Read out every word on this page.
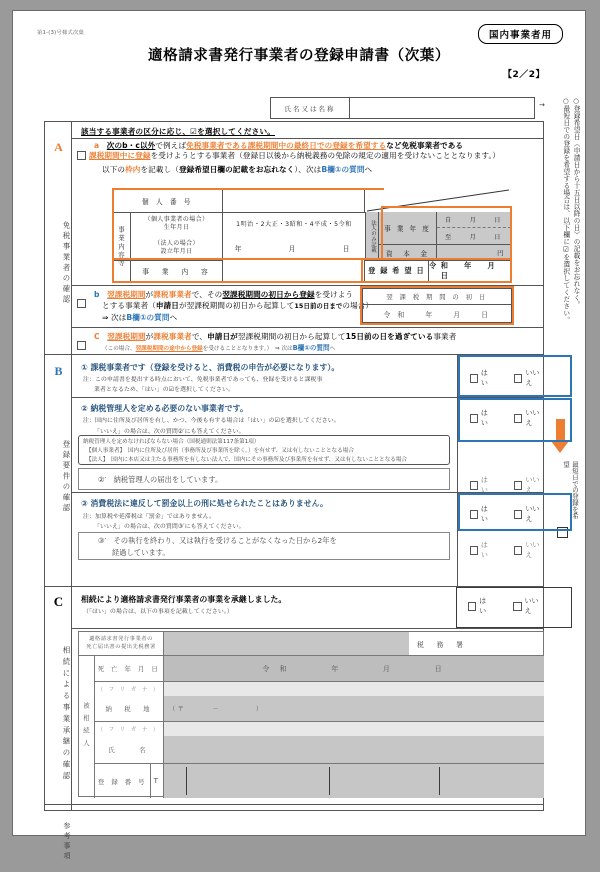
第1-(3)号様式次葉	国内事業者用
適格請求書発行事業者の登録申請書（次葉）
【2／2】
氏名又は名称	→	○登録希望日（申請日から十五日以降の日）の記載をお忘れなく。
○最短日での登録を希望する場合は、以下欄に☑を選択してください。
最短日での登録を希望
A
免税事業者の確認
該当する事業者の区分に応じ、☑を選択してください。
a 次のb・c以外で例えば免税事業者である課税期間中の最終日での登録を希望するなど免税事業者である
課税期間中に登録を受けようとする事業者（登録日以後から納税義務の免除の規定の適用を受けないこととなります。）
以下の枠内を記載し（登録希望日欄の記載をお忘れなく）、次はB欄①の質問へ
個 人 番 号
事業内容等
（個人事業者の場合）
生年月日
（法人の場合）
設立年月日
1明治・2大正・3昭和・4平成・5令和
年　　　　月　　　　日	法人のみ記載	事 業 年 度
自	月	日
至	月	日
資　本　金	円
事　業　内　容	登 録 希 望 日
令 和 　 年 　 月 　 日
b 翌課税期間が課税事業者で、その翌課税期間の初日から登録を受けよう
とする事業者（申請日が翌課税期間の初日から起算して15日前の日までの場合）
⇒ 次はB欄①の質問へ
翌 課 税 期 間 の 初 日
令 和 　 年 　 月 　 日
C 翌課税期間が課税事業者で、申請日が翌課税期間の初日から起算して15日前の日を過ぎている事業者
（この場合、翌課税期間の途中から登録を受けることとなります。）　⇒ 次はB欄①の質問へ
B
登録要件の確認
① 課税事業者です（登録を受けると、消費税の申告が必要になります）。
注：この申請書を提出する時点において、免税事業者であっても、登録を受けると課税事
業者となるため、「はい」の☑を選択してください。
はい
いいえ
② 納税管理人を定める必要のない事業者です。
注：国内に住所及び居所を有し、かつ、今後も有する場合は「はい」の☑を選択してください。
「いいえ」の場合は、次の質問②′にも答えてください。
はい
いいえ
納税管理人を定めなければならない場合（国税通則法第117条第1項）
【個人事業者】　国内に住所及び居所（事務所及び事業所を除く。）を有せず、又は有しないこととなる場合
【法人】　国内に本店又は主たる事務所を有しない法人で、国内にその事務所及び事業所を有せず、又は有しないこととなる場合
②′　 納税管理人の届出をしています。	はい
いいえ
③ 消費税法に違反して罰金以上の刑に処せられたことはありません。
注：加算税や延滞税は「罰金」ではありません。
「いいえ」の場合は、次の質問③′にも答えてください。
はい
いいえ
③′　 その執行を終わり、又は執行を受けることがなくなった日から2年を
経過しています。
はい
いいえ
C
相続による事業承継の確認
相続により適格請求書発行事業者の事業を承継しました。
（「はい」の場合は、以下の事項を記載してください。）
はい
いいえ
適格請求書発行事業者の
死亡届出書の提出先税務署	税　務　署
被相続人
死 亡 年 月 日	令 和 　 　 年 　 　 月 　 　 日
（ フ リ ガ ナ ）
納　税　地	（〒　　　－　　　　）
（ フ リ ガ ナ ）
氏　　名
登 録 番 号 T
参考事項
